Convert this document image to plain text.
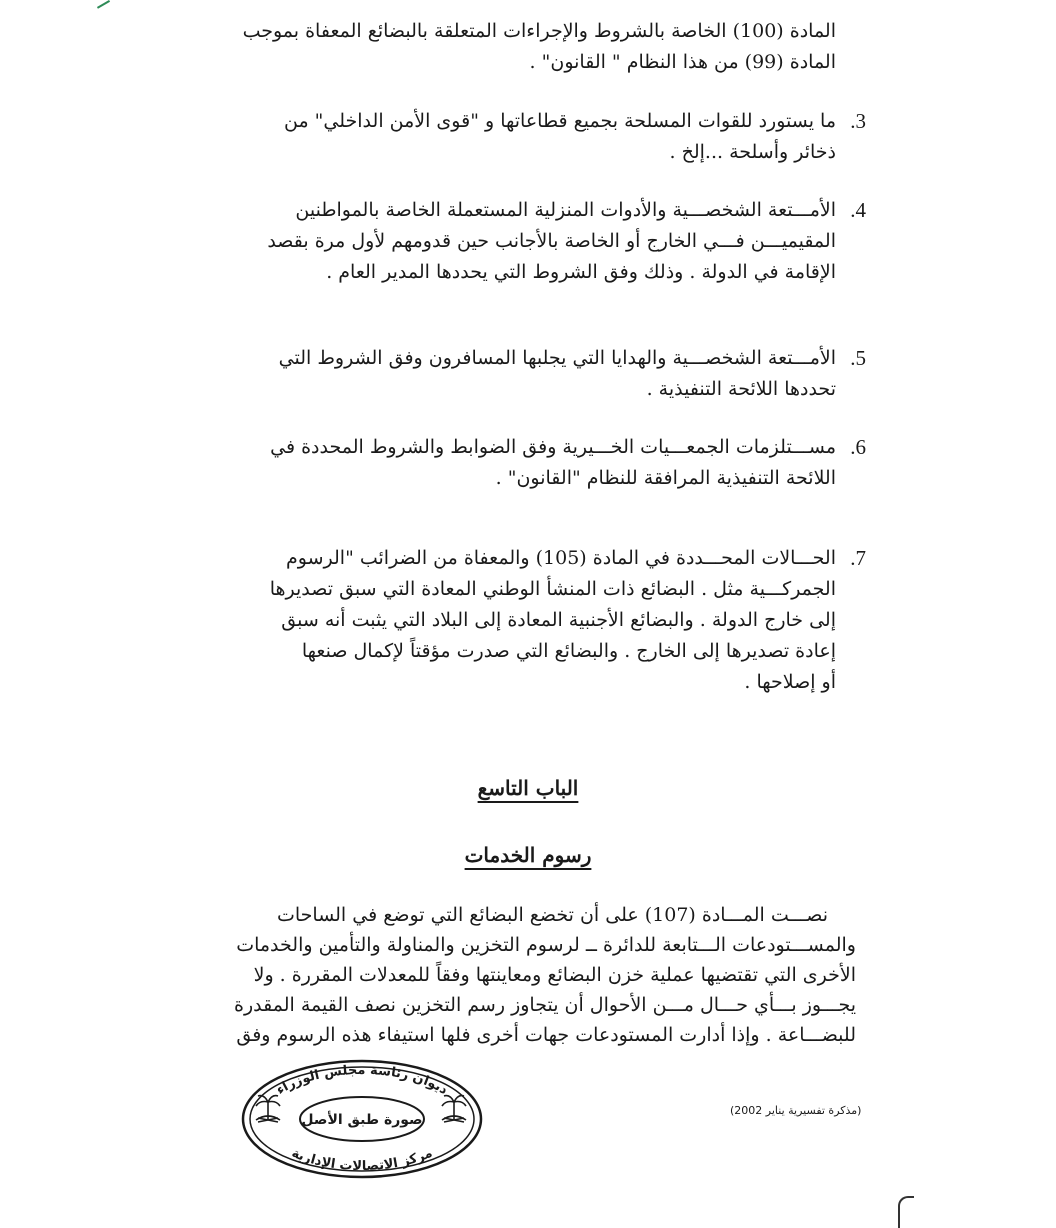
المادة (100) الخاصة بالشروط والإجراءات المتعلقة بالبضائع المعفاة بموجب
المادة (99) من هذا النظام " القانون" .
3.
ما يستورد للقوات المسلحة بجميع قطاعاتها و "قوى الأمن الداخلي" من
ذخائر وأسلحة ...إلخ .
4.
الأمـــتعة الشخصـــية والأدوات المنزلية المستعملة الخاصة بالمواطنين
المقيميـــن فـــي الخارج أو الخاصة بالأجانب حين قدومهم لأول مرة بقصد
الإقامة في الدولة . وذلك وفق الشروط التي يحددها المدير العام .
5.
الأمـــتعة الشخصـــية والهدايا التي يجلبها المسافرون وفق الشروط التي
تحددها اللائحة التنفيذية .
6.
مســـتلزمات الجمعـــيات الخـــيرية وفق الضوابط والشروط المحددة في
اللائحة التنفيذية المرافقة للنظام "القانون" .
7.
الحـــالات المحـــددة في المادة (105) والمعفاة من الضرائب "الرسوم
الجمركـــية مثل . البضائع ذات المنشأ الوطني المعادة التي سبق تصديرها
إلى خارج الدولة . والبضائع الأجنبية المعادة إلى البلاد التي يثبت أنه سبق
إعادة تصديرها إلى الخارج . والبضائع التي صدرت مؤقتاً لإكمال صنعها
أو إصلاحها .
الباب التاسع
رسوم الخدمات
نصـــت المـــادة (107) على أن تخضع البضائع التي توضع في الساحات
والمســـتودعات الـــتابعة للدائرة ــ لرسوم التخزين والمناولة والتأمين والخدمات
الأخرى التي تقتضيها عملية خزن البضائع ومعاينتها وفقاً للمعدلات المقررة . ولا
يجـــوز بـــأي حـــال مـــن الأحوال أن يتجاوز رسم التخزين نصف القيمة المقدرة
للبضـــاعة . وإذا أدارت المستودعات جهات أخرى فلها استيفاء هذه الرسوم وفق
ديوان رئاسة مجلس الوزراء
صورة طبق الأصل
مركز الاتصالات الإدارية
(مذكرة تفسيرية يناير 2002)
